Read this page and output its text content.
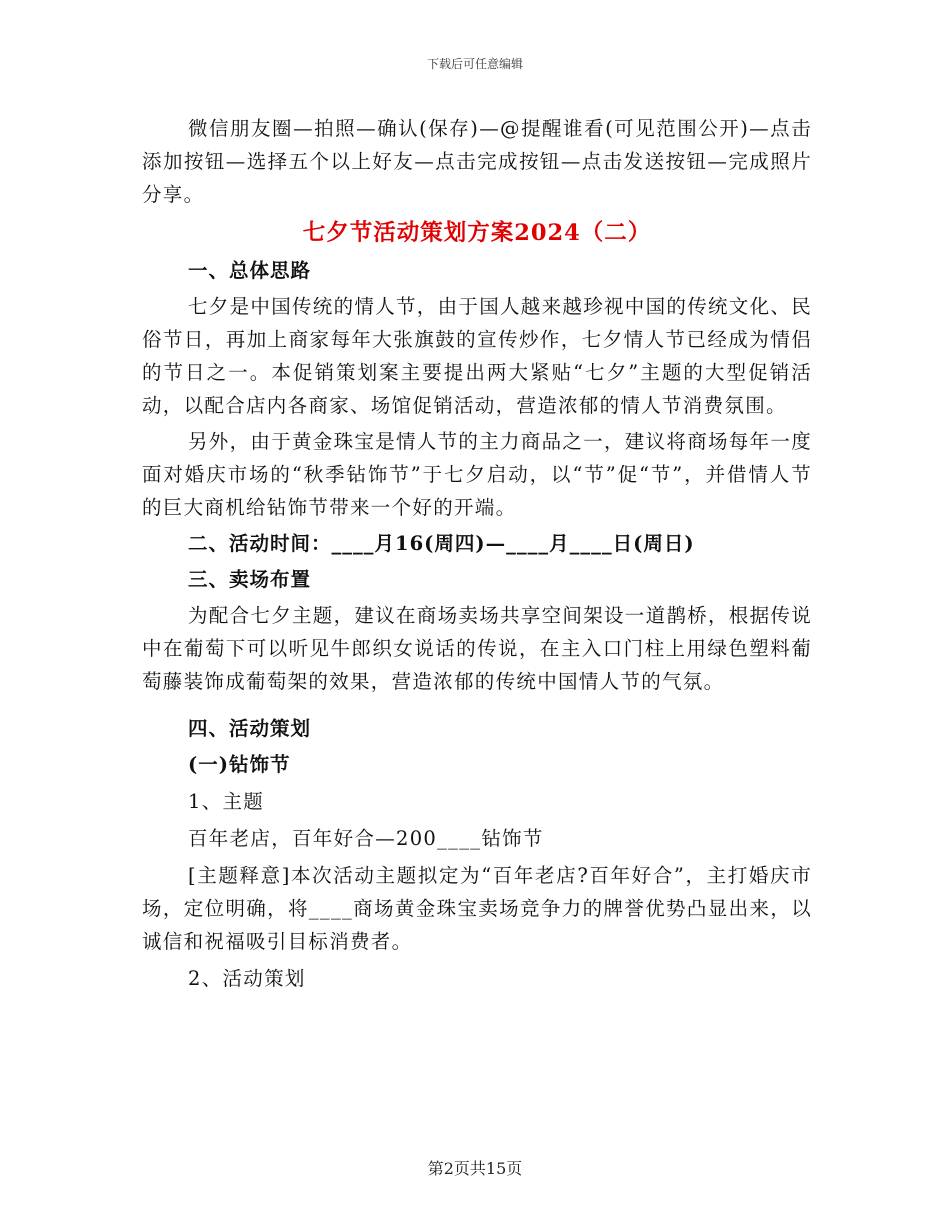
下载后可任意编辑

微信朋友圈—拍照—确认(保存)—@提醒谁看(可见范围公开)—点击添加按钮—选择五个以上好友—点击完成按钮—点击发送按钮—完成照片分享。

七夕节活动策划方案2024（二）
一、总体思路

七夕是中国传统的情人节，由于国人越来越珍视中国的传统文化、民俗节日，再加上商家每年大张旗鼓的宣传炒作，七夕情人节已经成为情侣的节日之一。本促销策划案主要提出两大紧贴“七夕”主题的大型促销活动，以配合店内各商家、场馆促销活动，营造浓郁的情人节消费氛围。

另外，由于黄金珠宝是情人节的主力商品之一，建议将商场每年一度面对婚庆市场的“秋季钻饰节”于七夕启动，以“节”促“节”，并借情人节的巨大商机给钻饰节带来一个好的开端。

二、活动时间：____月16(周四)—____月____日(周日)
三、卖场布置

为配合七夕主题，建议在商场卖场共享空间架设一道鹊桥，根据传说中在葡萄下可以听见牛郎织女说话的传说，在主入口门柱上用绿色塑料葡萄藤装饰成葡萄架的效果，营造浓郁的传统中国情人节的气氛。

四、活动策划
(一)钻饰节
1、主题
百年老店，百年好合—200____钻饰节

[主题释意]本次活动主题拟定为“百年老店?百年好合”，主打婚庆市场，定位明确，将____商场黄金珠宝卖场竞争力的牌誉优势凸显出来，以诚信和祝福吸引目标消费者。

2、活动策划
第2页共15页
